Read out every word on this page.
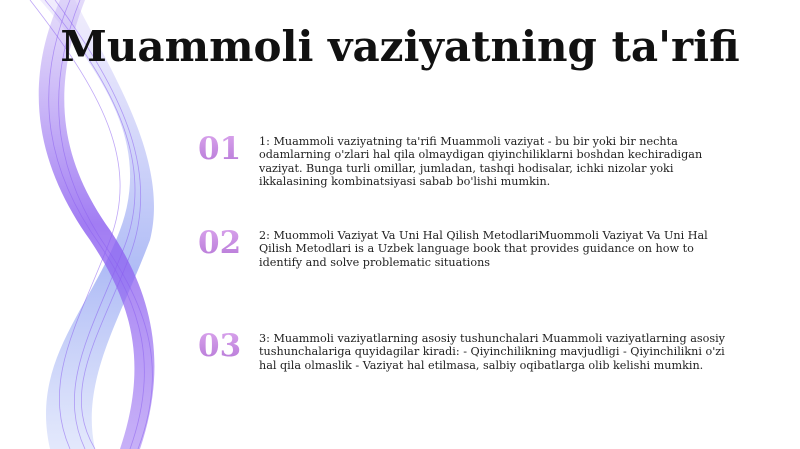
Muammoli vaziyatning ta'rifi
01 1: Muammoli vaziyatning ta'rifi Muammoli vaziyat - bu bir yoki bir nechta odamlarning o'zlari hal qila olmaydigan qiyinchiliklarni boshdan kechiradigan vaziyat. Bunga turli omillar, jumladan, tashqi hodisalar, ichki nizolar yoki ikkalasining kombinatsiyasi sabab bo'lishi mumkin.

02 2: Muommoli Vaziyat Va Uni Hal Qilish MetodlariMuommoli Vaziyat Va Uni Hal Qilish Metodlari is a Uzbek language book that provides guidance on how to identify and solve problematic situations

03 3: Muammoli vaziyatlarning asosiy tushunchalari Muammoli vaziyatlarning asosiy tushunchalariga quyidagilar kiradi: - Qiyinchilikning mavjudligi - Qiyinchilikni o'zi hal qila olmaslik - Vaziyat hal etilmasa, salbiy oqibatlarga olib kelishi mumkin.
